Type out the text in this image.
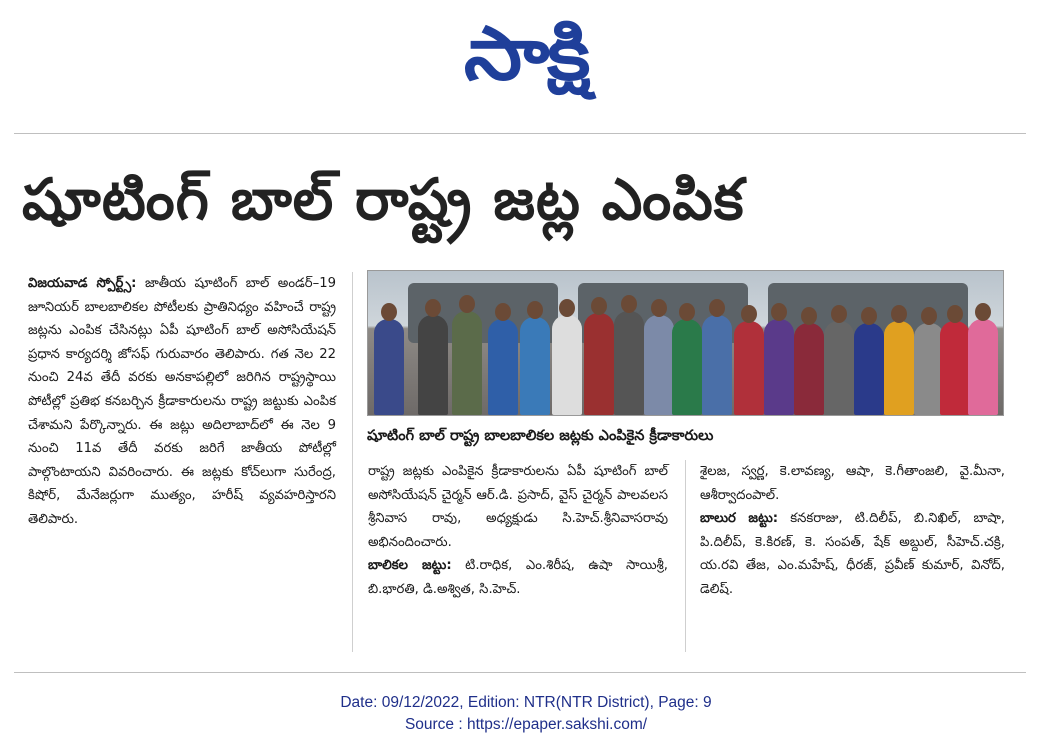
సాక్షి
షూటింగ్ బాల్ రాష్ట్ర జట్ల ఎంపిక
విజయవాడ స్పోర్ట్స్: జాతీయ షూటింగ్ బాల్ అండర్–19 జూనియర్ బాలబాలికల పోటీలకు ప్రాతినిధ్యం వహించే రాష్ట్ర జట్లను ఎంపిక చేసినట్లు ఏపీ షూటింగ్ బాల్ అసోసియేషన్ ప్రధాన కార్యదర్శి జోసఫ్ గురువారం తెలిపారు. గత నెల 22 నుంచి 24వ తేదీ వరకు అనకాపల్లిలో జరిగిన రాష్ట్రస్థాయి పోటీల్లో ప్రతిభ కనబర్చిన క్రీడాకారులను రాష్ట్ర జట్టుకు ఎంపిక చేశామని పేర్కొన్నారు. ఈ జట్లు అదిలాబాద్‌లో ఈ నెల 9 నుంచి 11వ తేదీ వరకు జరిగే జాతీయ పోటీల్లో పాల్గొంటాయని వివరించారు. ఈ జట్లకు కోచ్‌లుగా సురేంద్ర, కిషోర్, మేనేజర్లుగా ముత్యం, హరీష్ వ్యవహరిస్తారని తెలిపారు.
షూటింగ్ బాల్ రాష్ట్ర బాలబాలికల జట్లకు ఎంపికైన క్రీడాకారులు
రాష్ట్ర జట్లకు ఎంపికైన క్రీడాకారులను ఏపీ షూటింగ్ బాల్ అసోసియేషన్ చైర్మన్ ఆర్.డి. ప్రసాద్, వైస్ చైర్మన్ పాలవలస శ్రీనివాస రావు, అధ్యక్షుడు సి.హెచ్.శ్రీనివాసరావు అభినందించారు.
బాలికల జట్టు: టి.రాధిక, ఎం.శిరీష, ఉషా సాయిశ్రీ, బి.భారతి, డి.అశ్విత, సి.హెచ్.
శైలజ, స్వర్ణ, కె.లావణ్య, ఆషా, కె.గీతాంజలి, వై.మీనా, ఆశీర్వాదంపాల్.
బాలుర జట్టు: కనకరాజు, టి.దిలీప్, బి.నిఖిల్, బాషా, పి.దిలీప్, కె.కిరణ్, కె. సంపత్, షేక్ అబ్దుల్, సీహెచ్.చక్రి, య.రవి తేజ, ఎం.మహేష్, ధీరజ్, ప్రవీణ్ కుమార్, వినోద్, డెలిష్.
Date: 09/12/2022, Edition: NTR(NTR District), Page: 9
Source : https://epaper.sakshi.com/
